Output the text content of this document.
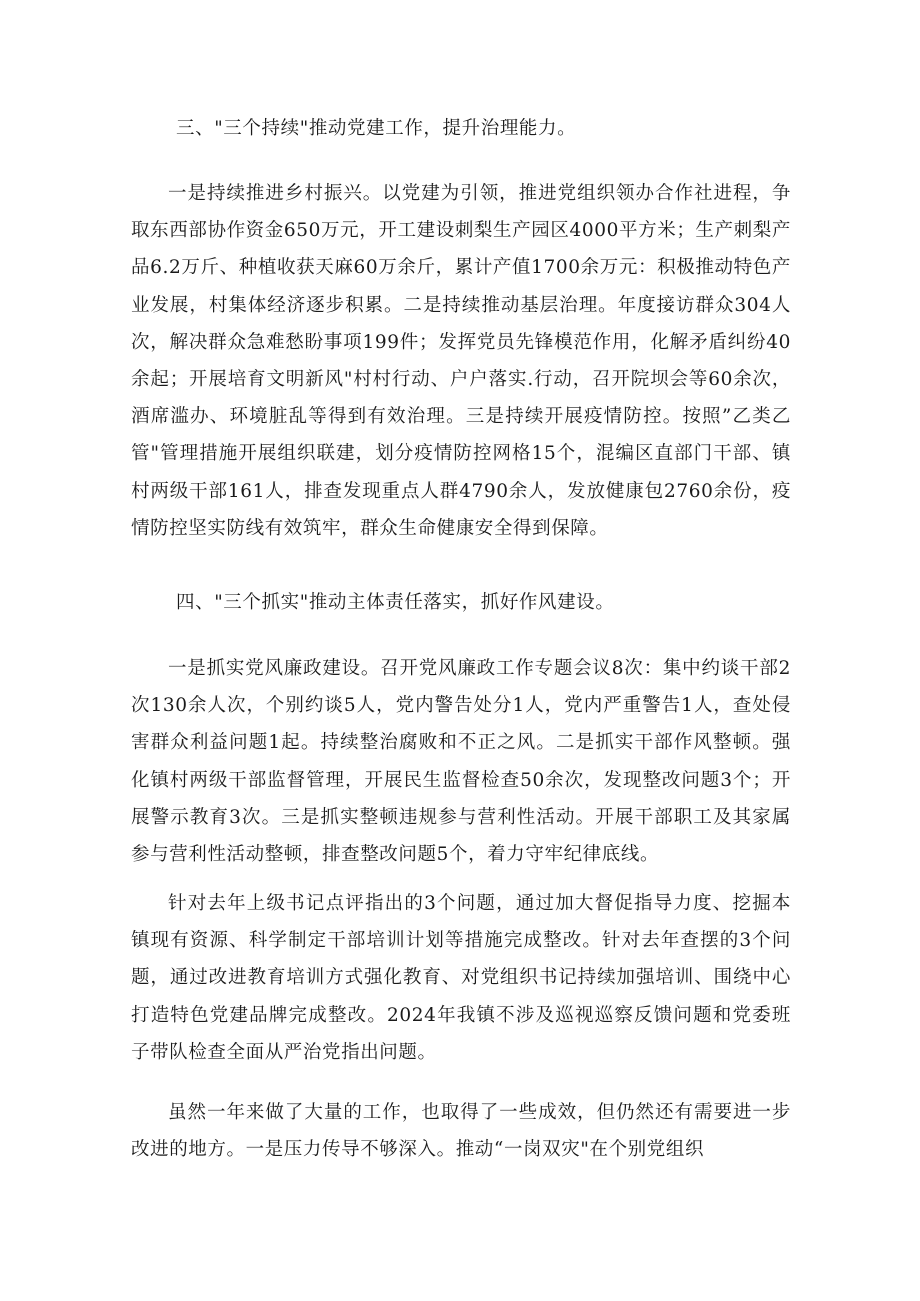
三、"三个持续"推动党建工作，提升治理能力。

一是持续推进乡村振兴。以党建为引领，推进党组织领办合作社进程，争取东西部协作资金650万元，开工建设刺梨生产园区4000平方米；生产刺梨产品6.2万斤、种植收获天麻60万余斤，累计产值1700余万元：积极推动特色产业发展，村集体经济逐步积累。二是持续推动基层治理。年度接访群众304人次，解决群众急难愁盼事项199件；发挥党员先锋模范作用，化解矛盾纠纷40余起；开展培育文明新风"村村行动、户户落实.行动，召开院坝会等60余次，酒席滥办、环境脏乱等得到有效治理。三是持续开展疫情防控。按照”乙类乙管"管理措施开展组织联建，划分疫情防控网格15个，混编区直部门干部、镇村两级干部161人，排查发现重点人群4790余人，发放健康包2760余份，疫情防控坚实防线有效筑牢，群众生命健康安全得到保障。

四、"三个抓实"推动主体责任落实，抓好作风建设。

一是抓实党风廉政建设。召开党风廉政工作专题会议8次：集中约谈干部2次130余人次，个别约谈5人，党内警告处分1人，党内严重警告1人，查处侵害群众利益问题1起。持续整治腐败和不正之风。二是抓实干部作风整顿。强化镇村两级干部监督管理，开展民生监督检查50余次，发现整改问题3个；开展警示教育3次。三是抓实整顿违规参与营利性活动。开展干部职工及其家属参与营利性活动整顿，排查整改问题5个，着力守牢纪律底线。

针对去年上级书记点评指出的3个问题，通过加大督促指导力度、挖掘本镇现有资源、科学制定干部培训计划等措施完成整改。针对去年查摆的3个问题，通过改进教育培训方式强化教育、对党组织书记持续加强培训、围绕中心打造特色党建品牌完成整改。2024年我镇不涉及巡视巡察反馈问题和党委班子带队检查全面从严治党指出问题。

虽然一年来做了大量的工作，也取得了一些成效，但仍然还有需要进一步改进的地方。一是压力传导不够深入。推动“一岗双灾"在个别党组织
